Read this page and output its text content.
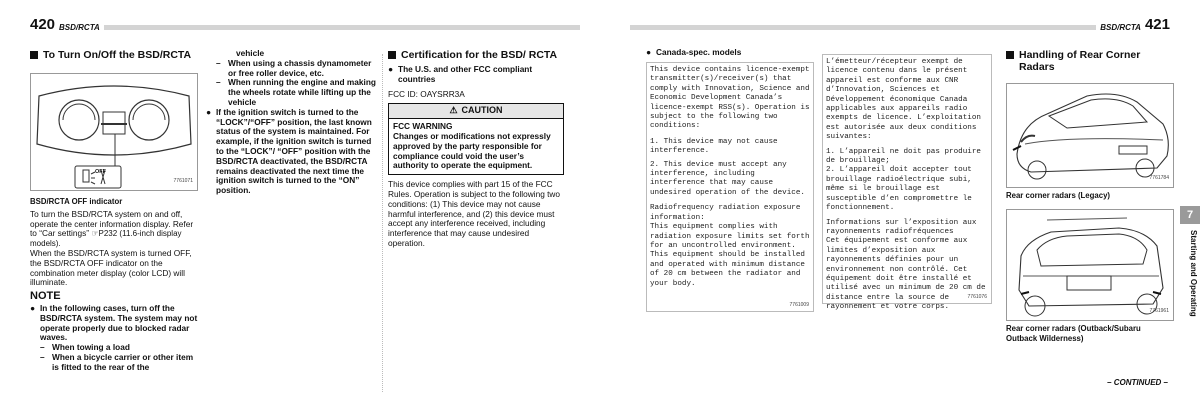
420 BSD/RCTA
To Turn On/Off the BSD/RCTA
OFF
7761071
BSD/RCTA OFF indicator
To turn the BSD/RCTA system on and off, operate the center information display. Refer to “Car settings” ☞P232 (11.6-inch display models).
When the BSD/RCTA system is turned OFF, the BSD/RCTA OFF indicator on the combination meter display (color LCD) will illuminate.
NOTE
● In the following cases, turn off the BSD/RCTA system. The system may not operate properly due to blocked radar waves.
– When towing a load
– When a bicycle carrier or other item is fitted to the rear of the
vehicle
– When using a chassis dynamometer or free roller device, etc.
– When running the engine and making the wheels rotate while lifting up the vehicle
● If the ignition switch is turned to the “LOCK”/“OFF” position, the last known status of the system is maintained. For example, if the ignition switch is turned to the “LOCK”/ “OFF” position with the BSD/RCTA deactivated, the BSD/RCTA remains deactivated the next time the ignition switch is turned to the “ON” position.
Certification for the BSD/ RCTA
● The U.S. and other FCC compliant countries
FCC ID: OAYSRR3A
⚠ CAUTION
FCC WARNING
Changes or modifications not expressly approved by the party responsible for compliance could void the user’s authority to operate the equipment.
This device complies with part 15 of the FCC Rules. Operation is subject to the following two conditions: (1) This device may not cause harmful interference, and (2) this device must accept any interference received, including interference that may cause undesired operation.
BSD/RCTA 421
● Canada-spec. models
This device contains licence-exempt transmitter(s)/receiver(s) that comply with Innovation, Science and Economic Development Canada’s licence-exempt RSS(s). Operation is subject to the following two conditions:
1. This device may not cause interference.
2. This device must accept any interference, including interference that may cause undesired operation of the device.
Radiofrequency radiation exposure information:
This equipment complies with radiation exposure limits set forth for an uncontrolled environment. This equipment should be installed and operated with minimum distance of 20 cm between the radiator and your body.
7761009
L’émetteur/récepteur exempt de licence contenu dans le présent appareil est conforme aux CNR d’Innovation, Sciences et Développement économique Canada applicables aux appareils radio exempts de licence. L’exploitation est autorisée aux deux conditions suivantes:
1. L’appareil ne doit pas produire de brouillage;
2. L’appareil doit accepter tout brouillage radioélectrique subi, même si le brouillage est susceptible d’en compromettre le fonctionnement.
Informations sur l’exposition aux rayonnements radiofréquences
Cet équipement est conforme aux limites d’exposition aux rayonnements définies pour un environnement non contrôlé. Cet équipement doit être installé et utilisé avec un minimum de 20 cm de distance entre la source de rayonnement et votre corps.
7761076
Handling of Rear Corner Radars
7761784
Rear corner radars (Legacy)
7761961
Rear corner radars (Outback/Subaru Outback Wilderness)
7
Starting and Operating
– CONTINUED –
